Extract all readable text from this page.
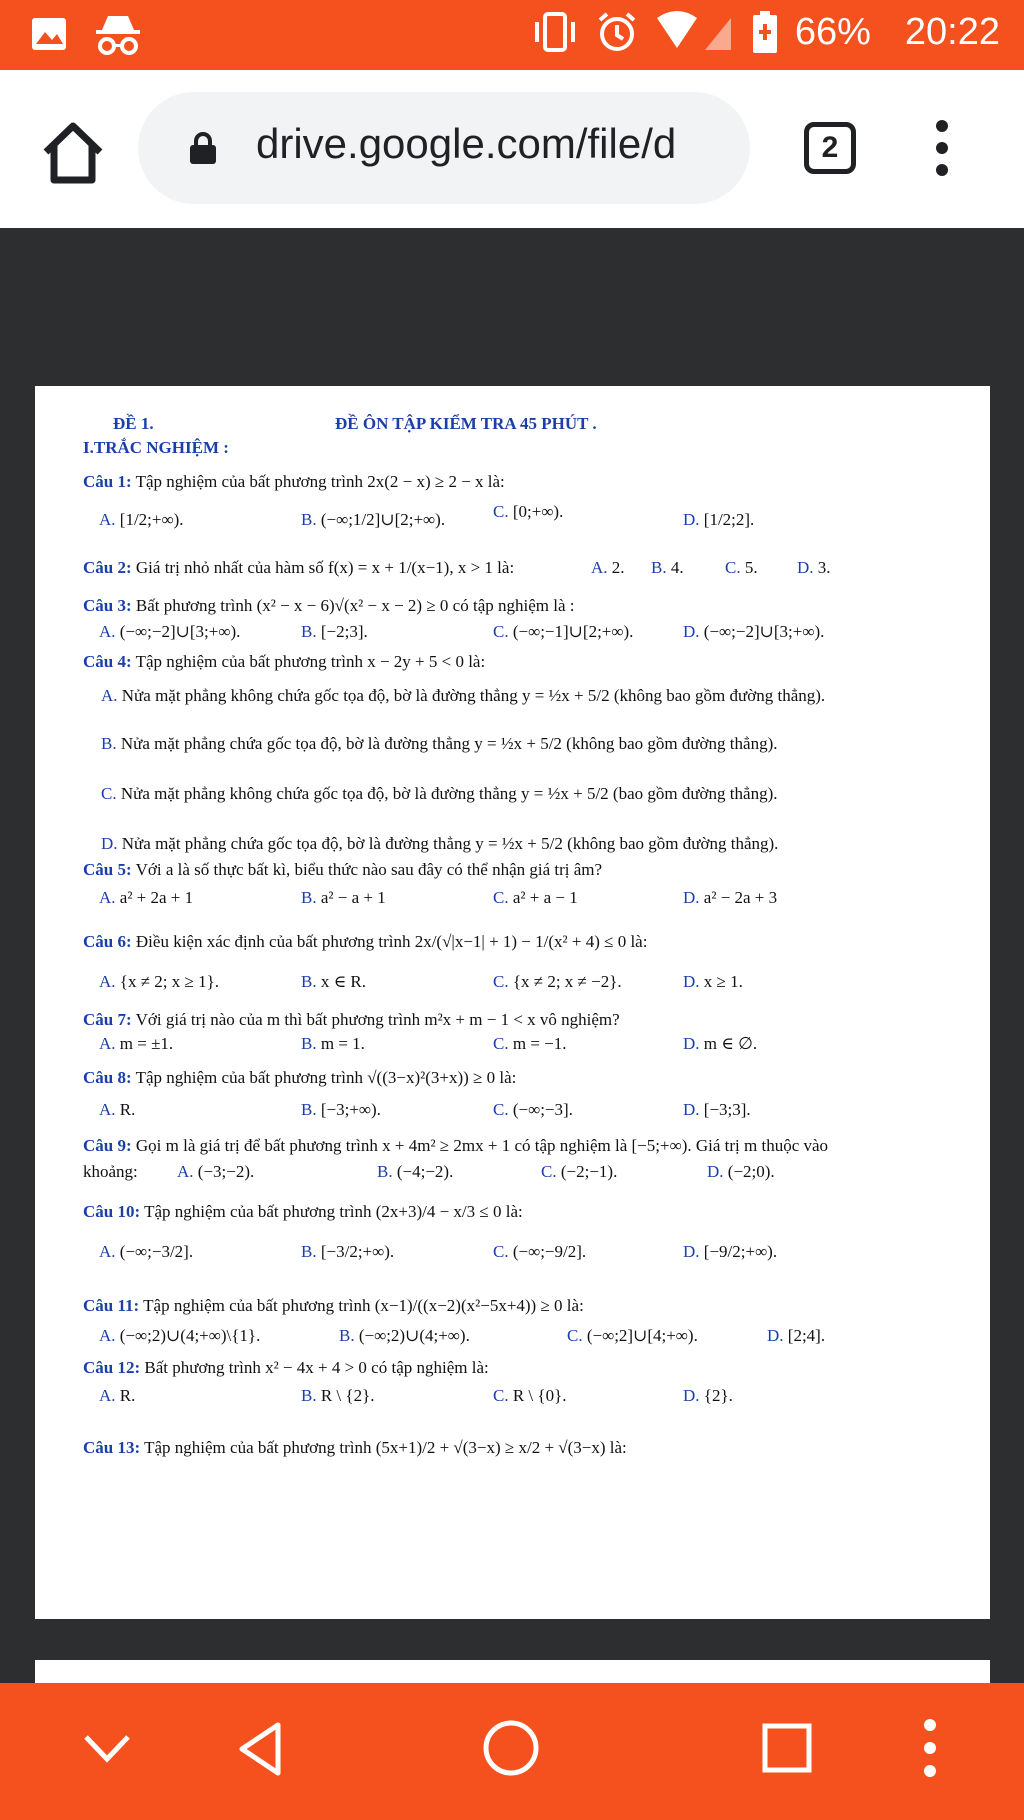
66% 20:22
drive.google.com/file/d	2
ĐỀ 1.	ĐỀ ÔN TẬP KIỂM TRA 45 PHÚT .
I.TRẮC NGHIỆM :
Câu 1: Tập nghiệm của bất phương trình 2x(2 − x) ≥ 2 − x là:
A. [1/2;+∞).	B. (−∞;1/2]∪[2;+∞).	C. [0;+∞).	D. [1/2;2].
Câu 2: Giá trị nhỏ nhất của hàm số f(x) = x + 1/(x−1), x > 1 là:	A. 2. B. 4. C. 5. D. 3.
Câu 3: Bất phương trình (x² − x − 6)√(x² − x − 2) ≥ 0 có tập nghiệm là :
A. (−∞;−2]∪[3;+∞).	B. [−2;3].	C. (−∞;−1]∪[2;+∞).	D. (−∞;−2]∪[3;+∞).
Câu 4: Tập nghiệm của bất phương trình x − 2y + 5 < 0 là:
A. Nửa mặt phẳng không chứa gốc tọa độ, bờ là đường thẳng y = ½x + 5/2 (không bao gồm đường thẳng).
B. Nửa mặt phẳng chứa gốc tọa độ, bờ là đường thẳng y = ½x + 5/2 (không bao gồm đường thẳng).
C. Nửa mặt phẳng không chứa gốc tọa độ, bờ là đường thẳng y = ½x + 5/2 (bao gồm đường thẳng).
D. Nửa mặt phẳng chứa gốc tọa độ, bờ là đường thẳng y = ½x + 5/2 (không bao gồm đường thẳng).
Câu 5: Với a là số thực bất kì, biểu thức nào sau đây có thể nhận giá trị âm?
A. a² + 2a + 1	B. a² − a + 1	C. a² + a − 1	D. a² − 2a + 3
Câu 6: Điều kiện xác định của bất phương trình 2x/(√|x−1| + 1) − 1/(x² + 4) ≤ 0 là:
A. {x ≠ 2; x ≥ 1}.	B. x ∈ R.	C. {x ≠ 2; x ≠ −2}.	D. x ≥ 1.
Câu 7: Với giá trị nào của m thì bất phương trình m²x + m − 1 < x vô nghiệm?
A. m = ±1.	B. m = 1.	C. m = −1.	D. m ∈ ∅.
Câu 8: Tập nghiệm của bất phương trình √((3−x)²(3+x)) ≥ 0 là:
A. R.	B. [−3;+∞).	C. (−∞;−3].	D. [−3;3].
Câu 9: Gọi m là giá trị để bất phương trình x + 4m² ≥ 2mx + 1 có tập nghiệm là [−5;+∞). Giá trị m thuộc vào
khoảng: A. (−3;−2).	B. (−4;−2).	C. (−2;−1).	D. (−2;0).
Câu 10: Tập nghiệm của bất phương trình (2x+3)/4 − x/3 ≤ 0 là:
A. (−∞;−3/2].	B. [−3/2;+∞).	C. (−∞;−9/2].	D. [−9/2;+∞).
Câu 11: Tập nghiệm của bất phương trình (x−1)/((x−2)(x²−5x+4)) ≥ 0 là:
A. (−∞;2)∪(4;+∞)\{1}.	B. (−∞;2)∪(4;+∞).	C. (−∞;2]∪[4;+∞).	D. [2;4].
Câu 12: Bất phương trình x² − 4x + 4 > 0 có tập nghiệm là:
A. R.	B. R \ {2}.	C. R \ {0}.	D. {2}.
Câu 13: Tập nghiệm của bất phương trình (5x+1)/2 + √(3−x) ≥ x/2 + √(3−x) là:
